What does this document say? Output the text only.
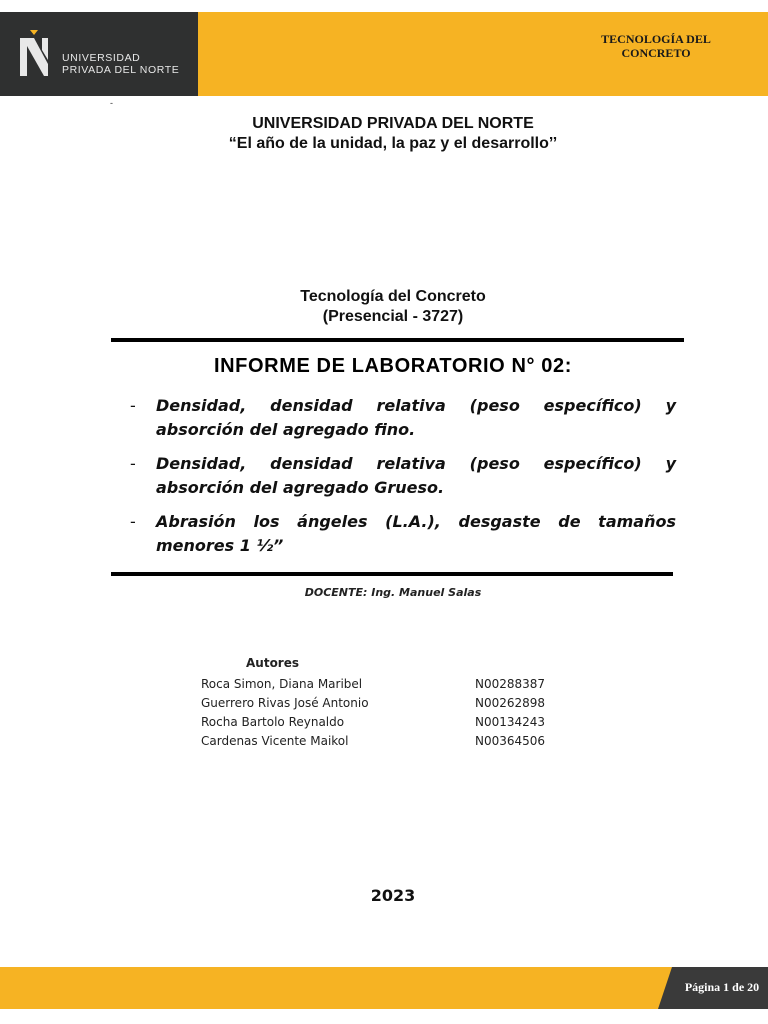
UNIVERSIDAD
PRIVADA DEL NORTE
TECNOLOGÍA DEL
CONCRETO
-
UNIVERSIDAD PRIVADA DEL NORTE
“El año de la unidad, la paz y el desarrollo’’
Tecnología del Concreto
(Presencial - 3727)
INFORME DE LABORATORIO N° 02:
- Densidad, densidad relativa (peso específico) y absorción del agregado fino.
- Densidad, densidad relativa (peso específico) y absorción del agregado Grueso.
- Abrasión los ángeles (L.A.), desgaste de tamaños menores 1 ½”
DOCENTE: Ing. Manuel Salas
Autores
Roca Simon, Diana Maribel	N00288387
Guerrero Rivas José Antonio	N00262898
Rocha Bartolo Reynaldo	N00134243
Cardenas Vicente Maikol	N00364506
2023
Página 1 de 20
